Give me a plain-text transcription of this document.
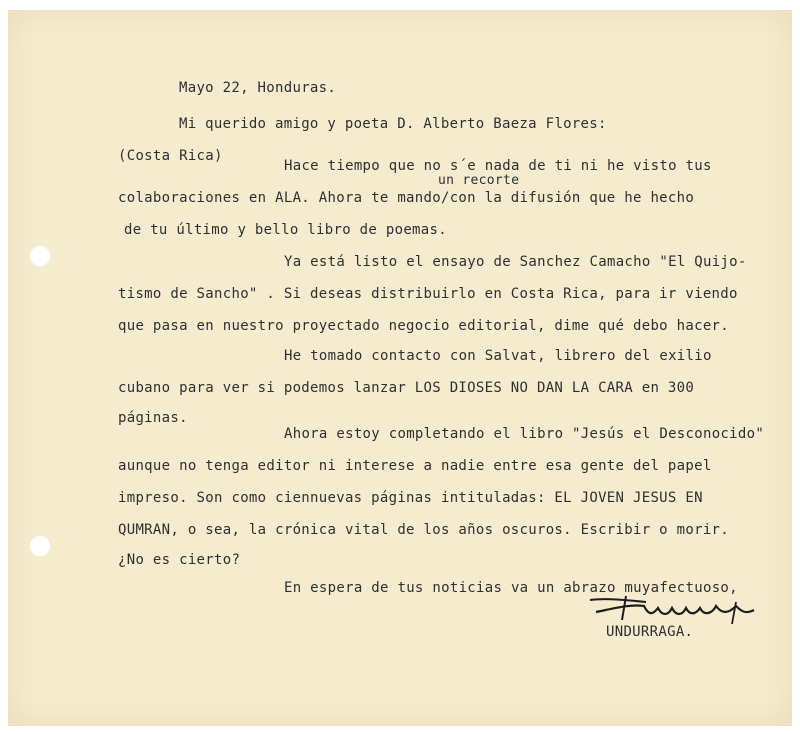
Mayo 22, Honduras.
Mi querido amigo y poeta D. Alberto Baeza Flores:
(Costa Rica)
Hace tiempo que no s´e nada de ti ni he visto tus
un recorte
colaboraciones en ALA. Ahora te mando/con la difusión que he hecho
de tu último y bello libro de poemas.
Ya está listo el ensayo de Sanchez Camacho "El Quijo-
tismo de Sancho" . Si deseas distribuirlo en Costa Rica, para ir viendo
que pasa en nuestro proyectado negocio editorial, dime qué debo hacer.
He tomado contacto con Salvat, librero del exilio
cubano para ver si podemos lanzar LOS DIOSES NO DAN LA CARA en 300
páginas.
Ahora estoy completando el libro "Jesús el Desconocido"
aunque no tenga editor ni interese a nadie entre esa gente del papel
impreso. Son como ciennuevas páginas intituladas: EL JOVEN JESUS EN
QUMRAN, o sea, la crónica vital de los años oscuros. Escribir o morir.
¿No es cierto?
En espera de tus noticias va un abrazo muyafectuoso,
UNDURRAGA.
